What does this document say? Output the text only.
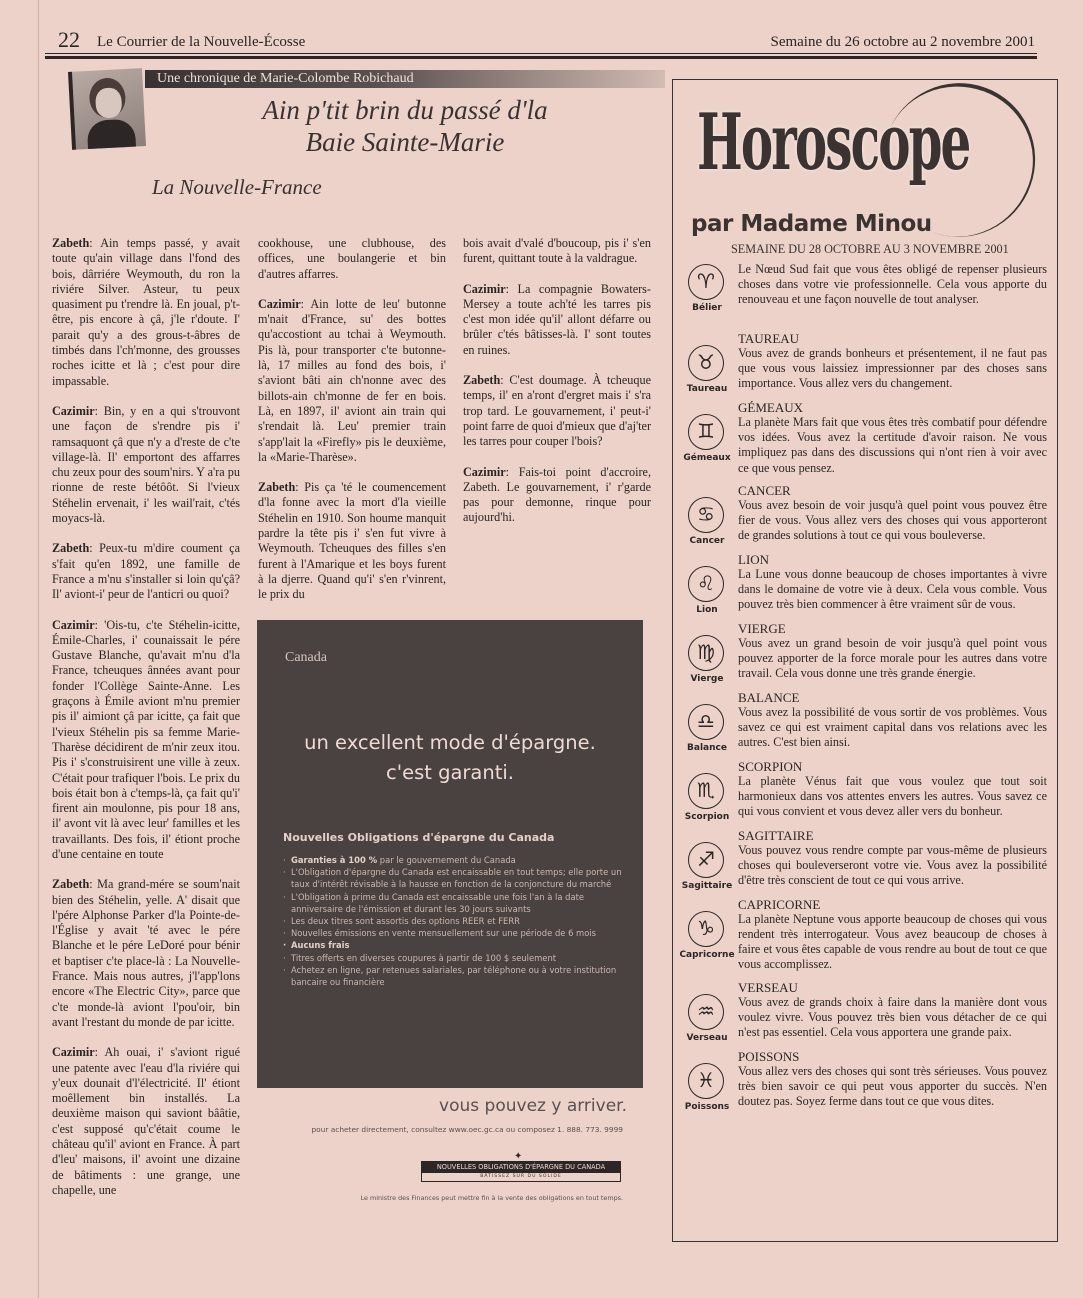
22 Le Courrier de la Nouvelle-Écosse	Semaine du 26 octobre au 2 novembre 2001
Une chronique de Marie-Colombe Robichaud
Ain p'tit brin du passé d'la
Baie Sainte-Marie
La Nouvelle-France

Zabeth: Ain temps passé, y avait toute qu'ain village dans l'fond des bois, dârriére Weymouth, du ron la riviére Silver. Asteur, tu peux quasiment pu t'rendre là. En joual, p't-être, pis encore à çâ, j'le r'doute. I' parait qu'y a des grous-t-âbres de timbés dans l'ch'monne, des grousses roches icitte et là ; c'est pour dire impassable.

Cazimir: Bin, y en a qui s'trouvont une façon de s'rendre pis i' ramsaquont çâ que n'y a d'reste de c'te village-là. Il' emportont des affarres chu zeux pour des soum'nirs. Y a'ra pu rionne de reste bétôôt. Si l'vieux Stéhelin ervenait, i' les wail'rait, c'tés moyacs-là.

Zabeth: Peux-tu m'dire coument ça s'fait qu'en 1892, une famille de France a m'nu s'installer si loin qu'çâ? Il' aviont-i' peur de l'anticri ou quoi?

Cazimir: 'Ois-tu, c'te Stéhelin-icitte, Émile-Charles, i' counaissait le pére Gustave Blanche, qu'avait m'nu d'la France, tcheuques ânnées avant pour fonder l'Collège Sainte-Anne. Les graçons à Émile aviont m'nu premier pis il' aimiont çâ par icitte, ça fait que l'vieux Stéhelin pis sa femme Marie-Tharèse décidirent de m'nir zeux itou. Pis i' s'construisirent une ville à zeux. C'était pour trafiquer l'bois. Le prix du bois était bon à c'temps-là, ça fait qu'i' firent ain moulonne, pis pour 18 ans, il' avont vit là avec leur' familles et les travaillants. Des fois, il' étiont proche d'une centaine en toute

Zabeth: Ma grand-mére se soum'nait bien des Stéhelin, yelle. A' disait que l'pére Alphonse Parker d'la Pointe-de-l'Église y avait 'té avec le pére Blanche et le pére LeDoré pour bénir et baptiser c'te place-là : La Nouvelle-France. Mais nous autres, j'l'app'lons encore «The Electric City», parce que c'te monde-là aviont l'pou'oir, bin avant l'restant du monde de par icitte.

Cazimir: Ah ouai, i' s'aviont rigué une patente avec l'eau d'la riviére qui y'eux dounait d'l'électricité. Il' étiont moêllement bin installés. La deuxième maison qui saviont bââtie, c'est supposé qu'c'était coume le château qu'il' aviont en France. À part d'leu' maisons, il' avoint une dizaine de bâtiments : une grange, une chapelle, une

cookhouse, une clubhouse, des offices, une boulangerie et bin d'autres affarres.

Cazimir: Ain lotte de leu' butonne m'nait d'France, su' des bottes qu'accostiont au tchai à Weymouth. Pis là, pour transporter c'te butonne-là, 17 milles au fond des bois, i' s'aviont bâti ain ch'nonne avec des billots-ain ch'monne de fer en bois. Là, en 1897, il' aviont ain train qui s'rendait là. Leu' premier train s'app'lait la «Firefly» pis le deuxième, la «Marie-Tharèse».

Zabeth: Pis ça 'té le coumencement d'la fonne avec la mort d'la vieille Stéhelin en 1910. Son houme manquit pardre la tête pis i' s'en fut vivre à Weymouth. Tcheuques des filles s'en furent à l'Amarique et les boys furent à la djerre. Quand qu'i' s'en r'vinrent, le prix du

bois avait d'valé d'boucoup, pis i' s'en furent, quittant toute à la valdrague.

Cazimir: La compagnie Bowaters-Mersey a toute ach'té les tarres pis c'est mon idée qu'il' allont défarre ou brûler c'tés bâtisses-là. I' sont toutes en ruines.

Zabeth: C'est doumage. À tcheuque temps, il' en a'ront d'ergret mais i' s'ra trop tard. Le gouvarnement, i' peut-i' point farre de quoi d'mieux que d'aj'ter les tarres pour couper l'bois?

Cazimir: Fais-toi point d'accroire, Zabeth. Le gouvarnement, i' r'garde pas pour demonne, rinque pour aujourd'hi.

Canada
un excellent mode d'épargne.
c'est garanti.
Nouvelles Obligations d'épargne du Canada
· Garanties à 100 % par le gouvernement du Canada
· L'Obligation d'épargne du Canada est encaissable en tout temps; elle porte un taux d'intérêt révisable à la hausse en fonction de la conjoncture du marché
· L'Obligation à prime du Canada est encaissable une fois l'an à la date anniversaire de l'émission et durant les 30 jours suivants
· Les deux titres sont assortis des options REER et FERR
· Nouvelles émissions en vente mensuellement sur une période de 6 mois
· Aucuns frais
· Titres offerts en diverses coupures à partir de 100 $ seulement
· Achetez en ligne, par retenues salariales, par téléphone ou à votre institution bancaire ou financière
vous pouvez y arriver.
pour acheter directement, consultez www.oec.gc.ca ou composez 1. 888. 773. 9999
✦
NOUVELLES OBLIGATIONS D'ÉPARGNE DU CANADA
BÂTISSEZ SUR DU SOLIDE
Le ministre des Finances peut mettre fin à la vente des obligations en tout temps.
Horoscope
par Madame Minou
SEMAINE DU 28 OCTOBRE AU 3 NOVEMBRE 2001
♈
Bélier
Le Nœud Sud fait que vous êtes obligé de repenser plusieurs choses dans votre vie professionnelle. Cela vous apporte du renouveau et une façon nouvelle de tout analyser.
♉
Taureau
TAUREAU
Vous avez de grands bonheurs et présentement, il ne faut pas que vous vous laissiez impressionner par des choses sans importance. Vous allez vers du changement.
♊
Gémeaux
GÉMEAUX
La planète Mars fait que vous êtes très combatif pour défendre vos idées. Vous avez la certitude d'avoir raison. Ne vous impliquez pas dans des discussions qui n'ont rien à voir avec ce que vous pensez.
♋
Cancer
CANCER
Vous avez besoin de voir jusqu'à quel point vous pouvez être fier de vous. Vous allez vers des choses qui vous apporteront de grandes solutions à tout ce qui vous bouleverse.
♌
Lion
LION
La Lune vous donne beaucoup de choses importantes à vivre dans le domaine de votre vie à deux. Cela vous comble. Vous pouvez très bien commencer à être vraiment sûr de vous.
♍
Vierge
VIERGE
Vous avez un grand besoin de voir jusqu'à quel point vous pouvez apporter de la force morale pour les autres dans votre travail. Cela vous donne une très grande énergie.
♎
Balance
BALANCE
Vous avez la possibilité de vous sortir de vos problèmes. Vous savez ce qui est vraiment capital dans vos relations avec les autres. C'est bien ainsi.
♏
Scorpion
SCORPION
La planète Vénus fait que vous voulez que tout soit harmonieux dans vos attentes envers les autres. Vous savez ce qui vous convient et vous devez aller vers du bonheur.
♐
Sagittaire
SAGITTAIRE
Vous pouvez vous rendre compte par vous-même de plusieurs choses qui bouleverseront votre vie. Vous avez la possibilité d'être très conscient de tout ce qui vous arrive.
♑
Capricorne
CAPRICORNE
La planète Neptune vous apporte beaucoup de choses qui vous rendent très interrogateur. Vous avez beaucoup de choses à faire et vous êtes capable de vous rendre au bout de tout ce que vous accomplissez.
♒
Verseau
VERSEAU
Vous avez de grands choix à faire dans la manière dont vous voulez vivre. Vous pouvez très bien vous détacher de ce qui n'est pas essentiel. Cela vous apportera une grande paix.
♓
Poissons
POISSONS
Vous allez vers des choses qui sont très sérieuses. Vous pouvez très bien savoir ce qui peut vous apporter du succès. N'en doutez pas. Soyez ferme dans tout ce que vous dites.
